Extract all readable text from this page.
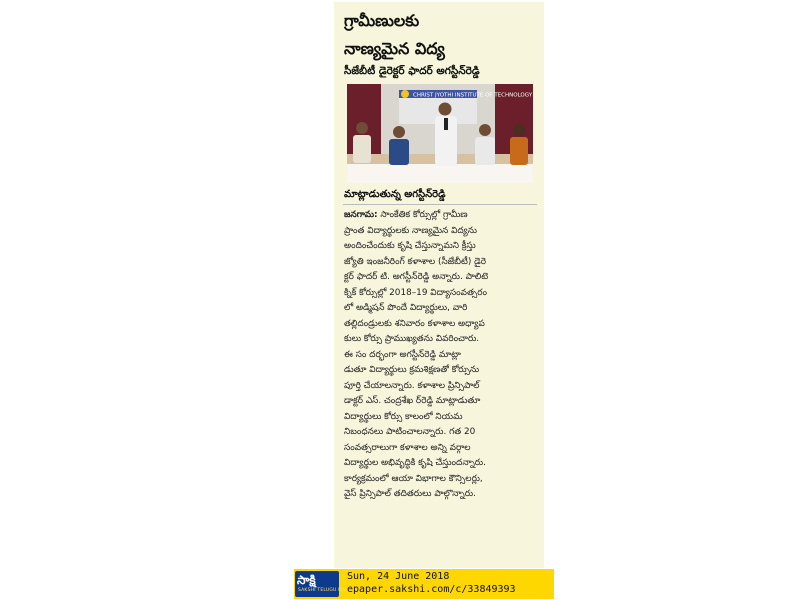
గ్రామీణులకు
నాణ్యమైన విద్య
సీజేబీటీ డైరెక్టర్ ఫాదర్ అగస్టీన్‌రెడ్డి
CHRIST JYOTHI INSTITUTE OF TECHNOLOGY
మాట్లాడుతున్న అగస్టీన్‌రెడ్డి
జనగామ: సాంకేతిక కోర్సుల్లో గ్రామీణ
ప్రాంత విద్యార్థులకు నాణ్యమైన విద్యను
అందించేందుకు కృషి చేస్తున్నామని క్రీస్తు
జ్యోతి ఇంజనీరింగ్ కళాశాల (సీజేబీటీ) డైరె
క్టర్ ఫాదర్ టి. అగస్టీన్‌రెడ్డి అన్నారు. పాలిటె
క్నిక్ కోర్సుల్లో 2018–19 విద్యాసంవత్సరం
లో అడ్మిషన్ పొందే విద్యార్థులు, వారి
తల్లిదండ్రులకు శనివారం కళాశాల అధ్యాప
కులు కోర్సు ప్రాముఖ్యతను వివరించారు.
ఈ సం దర్భంగా అగస్టీన్‌రెడ్డి మాట్లా
డుతూ విద్యార్థులు క్రమశిక్షణతో కోర్సును
పూర్తి చేయాలన్నారు. కళాశాల ప్రిన్సిపాల్
డాక్టర్ ఎస్. చంద్రశేఖ ర్‌రెడ్డి మాట్లాడుతూ
విద్యార్థులు కోర్సు కాలంలో నియమ
నిబంధనలు పాటించాలన్నారు. గత 20
సంవత్సరాలుగా కళాశాల అన్ని వర్గాల
విద్యార్థుల అభివృద్ధికి కృషి చేస్తుందన్నారు.
కార్యక్రమంలో ఆయా విభాగాల కౌన్సిలర్లు,
వైస్ ప్రిన్సిపాల్ తదితరులు పాల్గొన్నారు.
సాక్షి
SAKSHI TELUGU DAILY
Sun, 24 June 2018
epaper.sakshi.com/c/33849393
